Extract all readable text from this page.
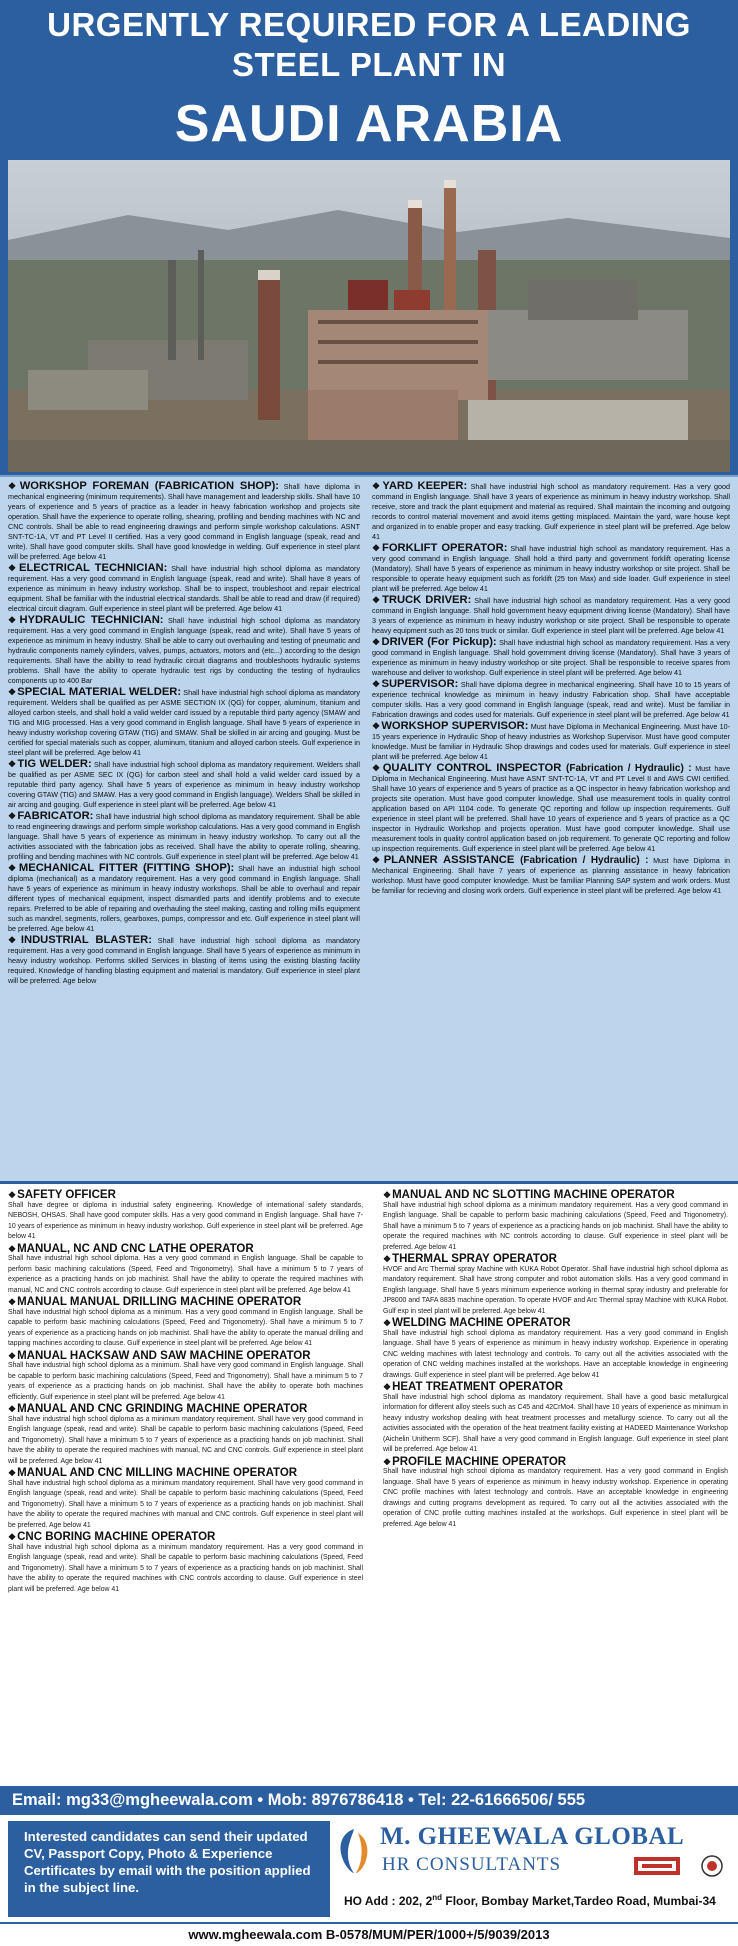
URGENTLY REQUIRED FOR A LEADING
STEEL PLANT IN
SAUDI ARABIA
❖WORKSHOP FOREMAN (FABRICATION SHOP): Shall have diploma in mechanical engineering (minimum requirements). Shall have management and leadership skills. Shall have 10 years of experience and 5 years of practice as a leader in heavy fabrication workshop and projects site operation. Shall have the experience to operate rolling, shearing, profiling and bending machines with NC and CNC controls. Shall be able to read engineering drawings and perform simple workshop calculations. ASNT SNT-TC-1A, VT and PT Level II certified. Has a very good command in English language (speak, read and write). Shall have good computer skills. Shall have good knowledge in welding. Gulf experience in steel plant will be preferred. Age below 41
❖ELECTRICAL TECHNICIAN: Shall have industrial high school diploma as mandatory requirement. Has a very good command in English language (speak, read and write). Shall have 8 years of experience as minimum in heavy industry workshop. Shall be to inspect, troubleshoot and repair electrical equipment. Shall be familiar with the industrial electrical standards. Shall be able to read and draw (if required) electrical circuit diagram. Gulf experience in steel plant will be preferred. Age below 41
❖HYDRAULIC TECHNICIAN: Shall have industrial high school diploma as mandatory requirement. Has a very good command in English language (speak, read and write). Shall have 5 years of experience as minimum in heavy industry. Shall be able to carry out overhauling and testing of pneumatic and hydraulic components namely cylinders, valves, pumps, actuators, motors and (etc...) according to the design requirements. Shall have the ability to read hydraulic circuit diagrams and troubleshoots hydraulic systems problems. Shall have the ability to operate hydraulic test rigs by conducting the testing of hydraulics components up to 400 Bar
❖SPECIAL MATERIAL WELDER: Shall have industrial high school diploma as mandatory requirement. Welders shall be qualified as per ASME SECTION IX (QG) for copper, aluminum, titanium and alloyed carbon steels, and shall hold a valid welder card issued by a reputable third party agency (SMAW and TIG and MIG processed. Has a very good command in English language. Shall have 5 years of experience in heavy industry workshop covering GTAW (TIG) and SMAW. Shall be skilled in air arcing and gouging. Must be certified for special materials such as copper, aluminum, titanium and alloyed carbon steels. Gulf experience in steel plant will be preferred. Age below 41
❖TIG WELDER: Shall have industrial high school diploma as mandatory requirement. Welders shall be qualified as per ASME SEC IX (QG) for carbon steel and shall hold a valid welder card issued by a reputable third party agency. Shall have 5 years of experience as minimum in heavy industry workshop covering GTAW (TIG) and SMAW. Has a very good command in English language). Welders Shall be skilled in air arcing and gouging. Gulf experience in steel plant will be preferred. Age below 41
❖FABRICATOR: Shall have industrial high school diploma as mandatory requirement. Shall be able to read engineering drawings and perform simple workshop calculations. Has a very good command in English language. Shall have 5 years of experience as minimum in heavy industry workshop. To carry out all the activities associated with the fabrication jobs as received. Shall have the ability to operate rolling, shearing, profiling and bending machines with NC controls. Gulf experience in steel plant will be preferred. Age below 41
❖MECHANICAL FITTER (FITTING SHOP): Shall have an industrial high school diploma (mechanical) as a mandatory requirement. Has a very good command in English language. Shall have 5 years of experience as minimum in heavy industry workshops. Shall be able to overhaul and repair different types of mechanical equipment, inspect dismantled parts and identify problems and to execute repairs. Preferred to be able of repairing and overhauling the steel making, casting and rolling mills equipment such as mandrel, segments, rollers, gearboxes, pumps, compressor and etc. Gulf experience in steel plant will be preferred. Age below 41
❖INDUSTRIAL BLASTER: Shall have industrial high school diploma as mandatory requirement. Has a very good command in English language. Shall have 5 years of experience as minimum in heavy industry workshop. Performs skilled Services in blasting of items using the existing blasting facility required. Knowledge of handling blasting equipment and material is mandatory. Gulf experience in steel plant will be preferred. Age below
❖YARD KEEPER: Shall have industrial high school as mandatory requirement. Has a very good command in English language. Shall have 3 years of experience as minimum in heavy industry workshop. Shall receive, store and track the plant equipment and material as required. Shall maintain the incoming and outgoing records to control material movement and avoid items getting misplaced. Maintain the yard, ware house kept and organized in to enable proper and easy tracking. Gulf experience in steel plant will be preferred. Age below 41
❖FORKLIFT OPERATOR: Shall have industrial high school as mandatory requirement. Has a very good command in English language. Shall hold a third party and government forklift operating license (Mandatory). Shall have 5 years of experience as minimum in heavy industry workshop or site project. Shall be responsible to operate heavy equipment such as forklift (25 ton Max) and side loader. Gulf experience in steel plant will be preferred. Age below 41
❖TRUCK DRIVER: Shall have industrial high school as mandatory requirement. Has a very good command in English language. Shall hold government heavy equipment driving license (Mandatory). Shall have 3 years of experience as minimum in heavy industry workshop or site project. Shall be responsible to operate heavy equipment such as 20 tons truck or similar. Gulf experience in steel plant will be preferred. Age below 41
❖DRIVER (For Pickup): Shall have industrial high school as mandatory requirement. Has a very good command in English language. Shall hold government driving license (Mandatory). Shall have 3 years of experience as minimum in heavy industry workshop or site project. Shall be responsible to receive spares from warehouse and deliver to workshop. Gulf experience in steel plant will be preferred. Age below 41
❖SUPERVISOR: Shall have diploma degree in mechanical engineering. Shall have 10 to 15 years of experience technical knowledge as minimum in heavy industry Fabrication shop. Shall have acceptable computer skills. Has a very good command in English language (speak, read and write). Must be familiar in Fabrication drawings and codes used for materials. Gulf experience in steel plant will be preferred. Age below 41
❖WORKSHOP SUPERVISOR: Must have Diploma in Mechanical Engineering. Must have 10-15 years experience in Hydraulic Shop of heavy industries as Workshop Supervisor. Must have good computer knowledge. Must be familiar in Hydraulic Shop drawings and codes used for materials. Gulf experience in steel plant will be preferred. Age below 41
❖QUALITY CONTROL INSPECTOR (Fabrication / Hydraulic) : Must have Diploma in Mechanical Engineering. Must have ASNT SNT-TC-1A, VT and PT Level II and AWS CWI certified. Shall have 10 years of experience and 5 years of practice as a QC inspector in heavy fabrication workshop and projects site operation. Must have good computer knowledge. Shall use measurement tools in quality control application based on API 1104 code. To generate QC reporting and follow up inspection requirements. Gulf experience in steel plant will be preferred. Shall have 10 years of experience and 5 years of practice as a QC inspector in Hydraulic Workshop and projects operation. Must have good computer knowledge. Shall use measurement tools in quality control application based on job requirement. To generate QC reporting and follow up inspection requirements. Gulf experience in steel plant will be preferred. Age below 41
❖PLANNER ASSISTANCE (Fabrication / Hydraulic) : Must have Diploma in Mechanical Engineering. Shall have 7 years of experience as planning assistance in heavy fabrication workshop. Must have good computer knowledge. Must be familiar Planning SAP system and work orders. Must be familiar for recieving and closing work orders. Gulf experience in steel plant will be preferred. Age below 41
❖SAFETY OFFICER
Shall have degree or diploma in industrial safety engineering. Knowledge of international safety standards, NEBOSH, OHSAS. Shall have good computer skills. Has a very good command in English language. Shall have 7-10 years of experience as minimum in heavy industry workshop. Gulf experience in steel plant will be preferred. Age below 41
❖MANUAL, NC AND CNC LATHE OPERATOR
Shall have industrial high school diploma. Has a very good command in English language. Shall be capable to perform basic machining calculations (Speed, Feed and Trigonometry). Shall have a minimum 5 to 7 years of experience as a practicing hands on job machinist. Shall have the ability to operate the required machines with manual, NC and CNC controls according to clause. Gulf experience in steel plant will be preferred. Age below 41
❖MANUAL MANUAL DRILLING MACHINE OPERATOR
Shall have industrial high school diploma as a minimum. Has a very good command in English language. Shall be capable to perform basic machining calculations (Speed, Feed and Trigonometry). Shall have a minimum 5 to 7 years of experience as a practicing hands on job machinist. Shall have the ability to operate the manual drilling and tapping machines according to clause. Gulf experience in steel plant will be preferred. Age below 41
❖MANUAL HACKSAW AND SAW MACHINE OPERATOR
Shall have industrial high school diploma as a minimum. Shall have very good command in English language. Shall be capable to perform basic machining calculations (Speed, Feed and Trigonometry). Shall have a minimum 5 to 7 years of experience as a practicing hands on job machinist. Shall have the ability to operate both machines efficiently. Gulf experience in steel plant will be preferred. Age below 41
❖MANUAL AND CNC GRINDING MACHINE OPERATOR
Shall have industrial high school diploma as a minimum mandatory requirement. Shall have very good command in English language (speak, read and write). Shall be capable to perform basic machining calculations (Speed, Feed and Trigonometry). Shall have a minimum 5 to 7 years of experience as a practicing hands on job machinist. Shall have the ability to operate the required machines with manual, NC and CNC controls. Gulf experience in steel plant will be preferred. Age below 41
❖MANUAL AND CNC MILLING MACHINE OPERATOR
Shall have industrial high school diploma as a minimum mandatory requirement. Shall have very good command in English language (speak, read and write). Shall be capable to perform basic machining calculations (Speed, Feed and Trigonometry). Shall have a minimum 5 to 7 years of experience as a practicing hands on job machinist. Shall have the ability to operate the required machines with manual and CNC controls. Gulf experience in steel plant will be preferred. Age below 41
❖CNC BORING MACHINE OPERATOR
Shall have industrial high school diploma as a minimum mandatory requirement. Has a very good command in English language (speak, read and write). Shall be capable to perform basic machining calculations (Speed, Feed and Trigonometry). Shall have a minimum 5 to 7 years of experience as a practicing hands on job machinist. Shall have the ability to operate the required machines with CNC controls according to clause. Gulf experience in steel plant will be preferred. Age below 41
❖MANUAL AND NC SLOTTING MACHINE OPERATOR
Shall have industrial high school diploma as a minimum mandatory requirement. Has a very good command in English language. Shall be capable to perform basic machining calculations (Speed, Feed and Trigonometry). Shall have a minimum 5 to 7 years of experience as a practicing hands on job machinist. Shall have the ability to operate the required machines with NC controls according to clause. Gulf experience in steel plant will be preferred. Age below 41
❖THERMAL SPRAY OPERATOR
HVOF and Arc Thermal spray Machine with KUKA Robot Operator. Shall have industrial high school diploma as mandatory requirement. Shall have strong computer and robot automation skills. Has a very good command in English language. Shall have 5 years minimum experience working in thermal spray industry and preferable for JP8000 and TAFA 8835 machine operation. To operate HVOF and Arc Thermal spray Machine with KUKA Robot. Gulf exp in steel plant will be preferred. Age below 41
❖WELDING MACHINE OPERATOR
Shall have industrial high school diploma as mandatory requirement. Has a very good command in English language. Shall have 5 years of experience as minimum in heavy industry workshop. Experience in operating CNC welding machines with latest technology and controls. To carry out all the activities associated with the operation of CNC welding machines installed at the workshops. Have an acceptable knowledge in engineering drawings. Gulf experience in steel plant will be preferred. Age below 41
❖HEAT TREATMENT OPERATOR
Shall have industrial high school diploma as mandatory requirement. Shall have a good basic metallurgical information for different alloy steels such as C45 and 42CrMo4. Shall have 10 years of experience as minimum in heavy industry workshop dealing with heat treatment processes and metallurgy science. To carry out all the activities associated with the operation of the heat treatment facility existing at HADEED Maintenance Workshop (Aichelin Unitherm SCF). Shall have a very good command in English language. Gulf experience in steel plant will be preferred. Age below 41
❖PROFILE MACHINE OPERATOR
Shall have industrial high school diploma as mandatory requirement. Has a very good command in English language. Shall have 5 years of experience as minimum in heavy industry workshop. Experience in operating CNC profile machines with latest technology and controls. Have an acceptable knowledge in engineering drawings and cutting programs development as required. To carry out all the activities associated with the operation of CNC profile cutting machines installed at the workshops. Gulf experience in steel plant will be preferred. Age below 41
Email: mg33@mgheewala.com • Mob: 8976786418 • Tel: 22-61666506/ 555
Interested candidates can send their updated CV, Passport Copy, Photo & Experience Certificates by email with the position applied in the subject line.
M. GHEEWALA GLOBAL
HR CONSULTANTS
HO Add : 202, 2nd Floor, Bombay Market,Tardeo Road, Mumbai-34
www.mgheewala.com B-0578/MUM/PER/1000+/5/9039/2013
